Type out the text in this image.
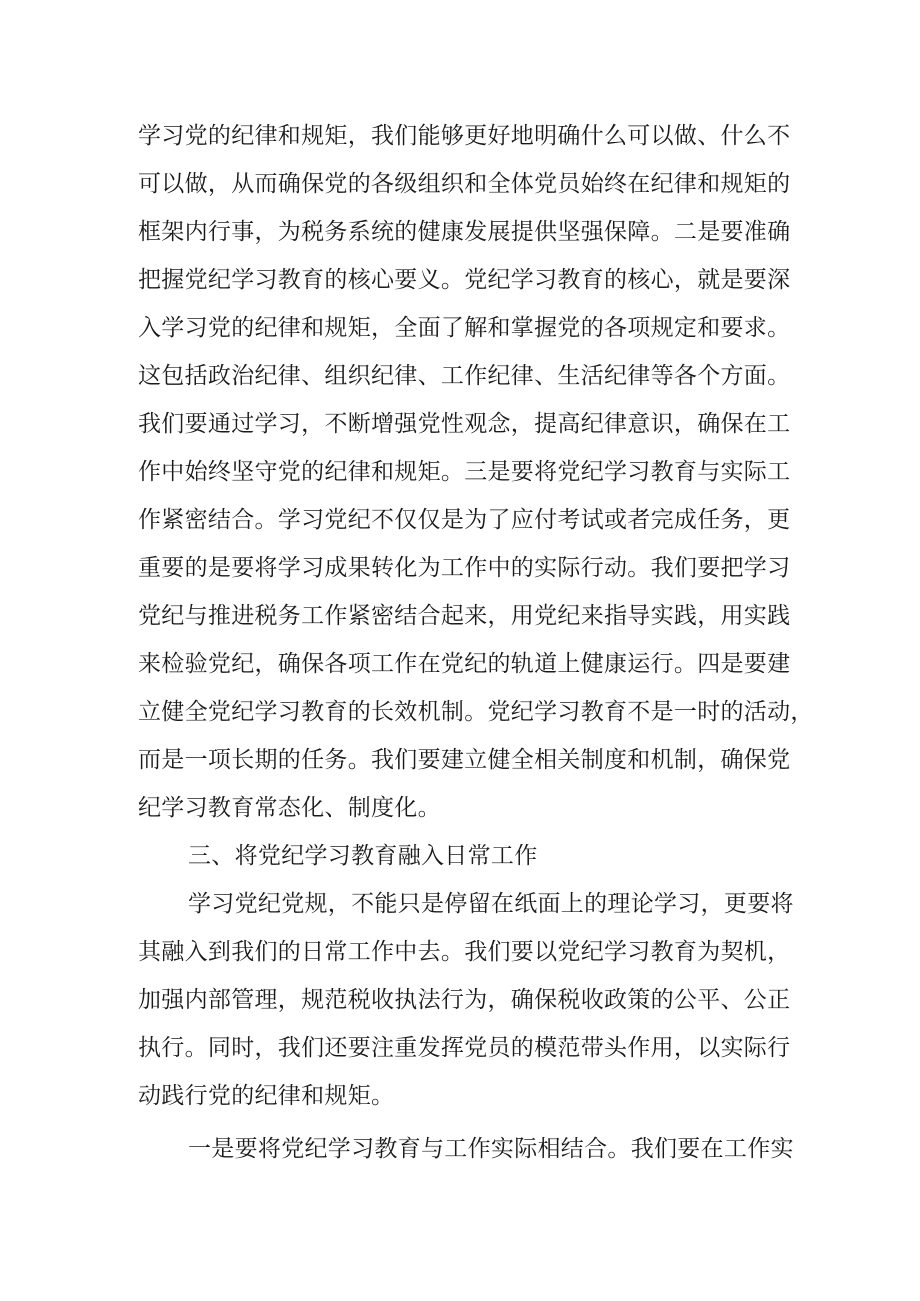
学习党的纪律和规矩，我们能够更好地明确什么可以做、什么不
可以做，从而确保党的各级组织和全体党员始终在纪律和规矩的
框架内行事，为税务系统的健康发展提供坚强保障。二是要准确
把握党纪学习教育的核心要义。党纪学习教育的核心，就是要深
入学习党的纪律和规矩，全面了解和掌握党的各项规定和要求。
这包括政治纪律、组织纪律、工作纪律、生活纪律等各个方面。
我们要通过学习，不断增强党性观念，提高纪律意识，确保在工
作中始终坚守党的纪律和规矩。三是要将党纪学习教育与实际工
作紧密结合。学习党纪不仅仅是为了应付考试或者完成任务，更
重要的是要将学习成果转化为工作中的实际行动。我们要把学习
党纪与推进税务工作紧密结合起来，用党纪来指导实践，用实践
来检验党纪，确保各项工作在党纪的轨道上健康运行。四是要建
立健全党纪学习教育的长效机制。党纪学习教育不是一时的活动，
而是一项长期的任务。我们要建立健全相关制度和机制，确保党
纪学习教育常态化、制度化。
三、将党纪学习教育融入日常工作
学习党纪党规，不能只是停留在纸面上的理论学习，更要将
其融入到我们的日常工作中去。我们要以党纪学习教育为契机，
加强内部管理，规范税收执法行为，确保税收政策的公平、公正
执行。同时，我们还要注重发挥党员的模范带头作用，以实际行
动践行党的纪律和规矩。
一是要将党纪学习教育与工作实际相结合。我们要在工作实
